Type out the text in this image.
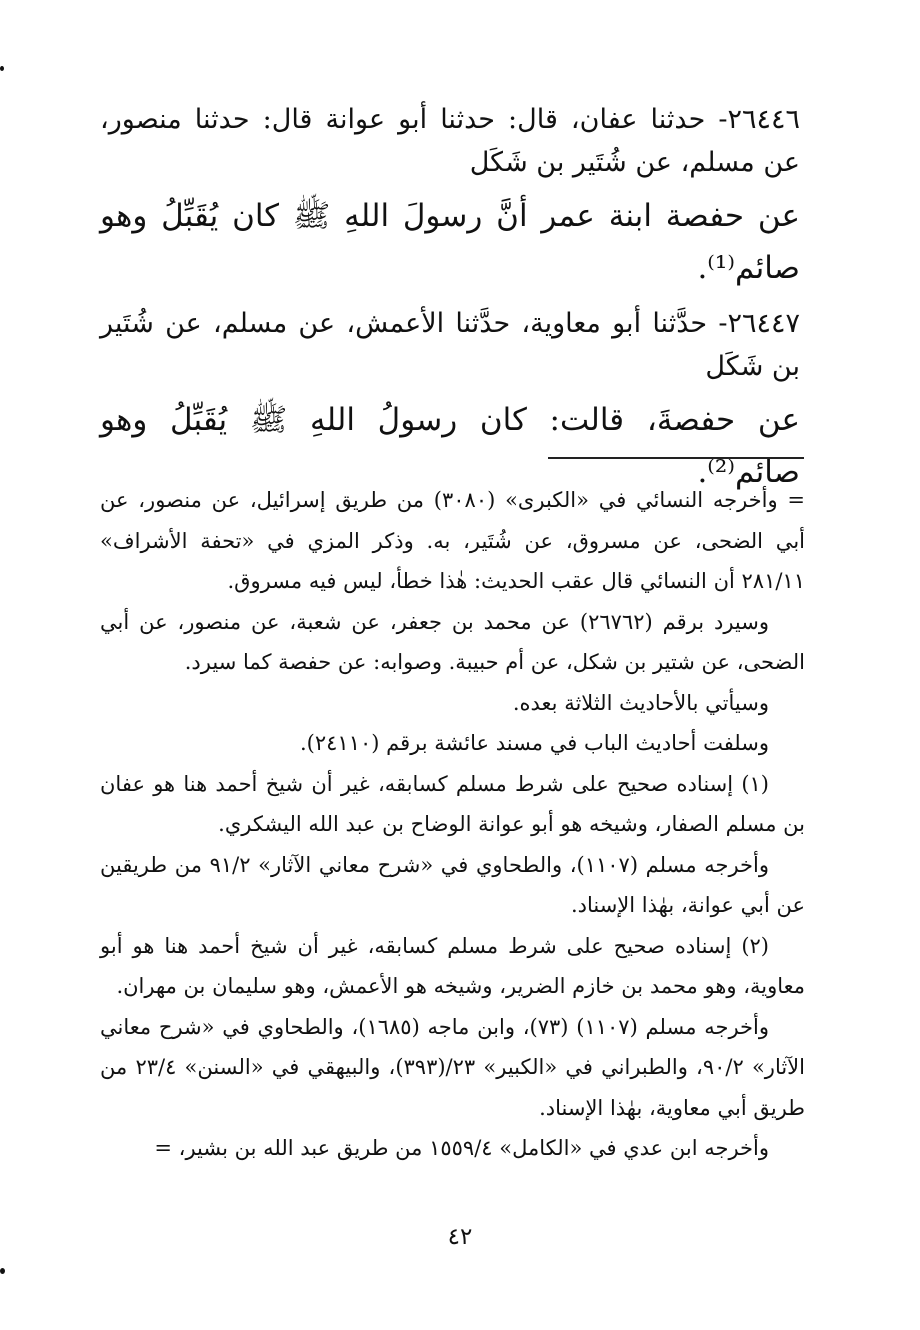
٢٦٤٤٦- حدثنا عفان، قال: حدثنا أبو عوانة قال: حدثنا منصور، عن مسلم، عن شُتَير بن شَكَل

عن حفصة ابنة عمر أنَّ رسولَ اللهِ ﷺ كان يُقَبِّلُ وهو صائم⁽¹⁾.

٢٦٤٤٧- حدَّثنا أبو معاوية، حدَّثنا الأعمش، عن مسلم، عن شُتَير بن شَكَل

عن حفصةَ، قالت: كان رسولُ اللهِ ﷺ يُقَبِّلُ وهو صائم⁽²⁾.

= وأخرجه النسائي في «الكبرى» (٣٠٨٠) من طريق إسرائيل، عن منصور، عن أبي الضحى، عن مسروق، عن شُتَير، به. وذكر المزي في «تحفة الأشراف» ٢٨١/١١ أن النسائي قال عقب الحديث: هٰذا خطأ، ليس فيه مسروق.

وسيرد برقم (٢٦٧٦٢) عن محمد بن جعفر، عن شعبة، عن منصور، عن أبي الضحى، عن شتير بن شكل، عن أم حبيبة. وصوابه: عن حفصة كما سيرد.

وسيأتي بالأحاديث الثلاثة بعده.

وسلفت أحاديث الباب في مسند عائشة برقم (٢٤١١٠).

(١) إسناده صحيح على شرط مسلم كسابقه، غير أن شيخ أحمد هنا هو عفان بن مسلم الصفار، وشيخه هو أبو عوانة الوضاح بن عبد الله اليشكري.

وأخرجه مسلم (١١٠٧)، والطحاوي في «شرح معاني الآثار» ٩١/٢ من طريقين عن أبي عوانة، بهٰذا الإسناد.

(٢) إسناده صحيح على شرط مسلم كسابقه، غير أن شيخ أحمد هنا هو أبو معاوية، وهو محمد بن خازم الضرير، وشيخه هو الأعمش، وهو سليمان بن مهران.

وأخرجه مسلم (١١٠٧) (٧٣)، وابن ماجه (١٦٨٥)، والطحاوي في «شرح معاني الآثار» ٩٠/٢، والطبراني في «الكبير» ٢٣/(٣٩٣)، والبيهقي في «السنن» ٢٣/٤ من طريق أبي معاوية، بهٰذا الإسناد.

وأخرجه ابن عدي في «الكامل» ١٥٥٩/٤ من طريق عبد الله بن بشير، =

٤٢
